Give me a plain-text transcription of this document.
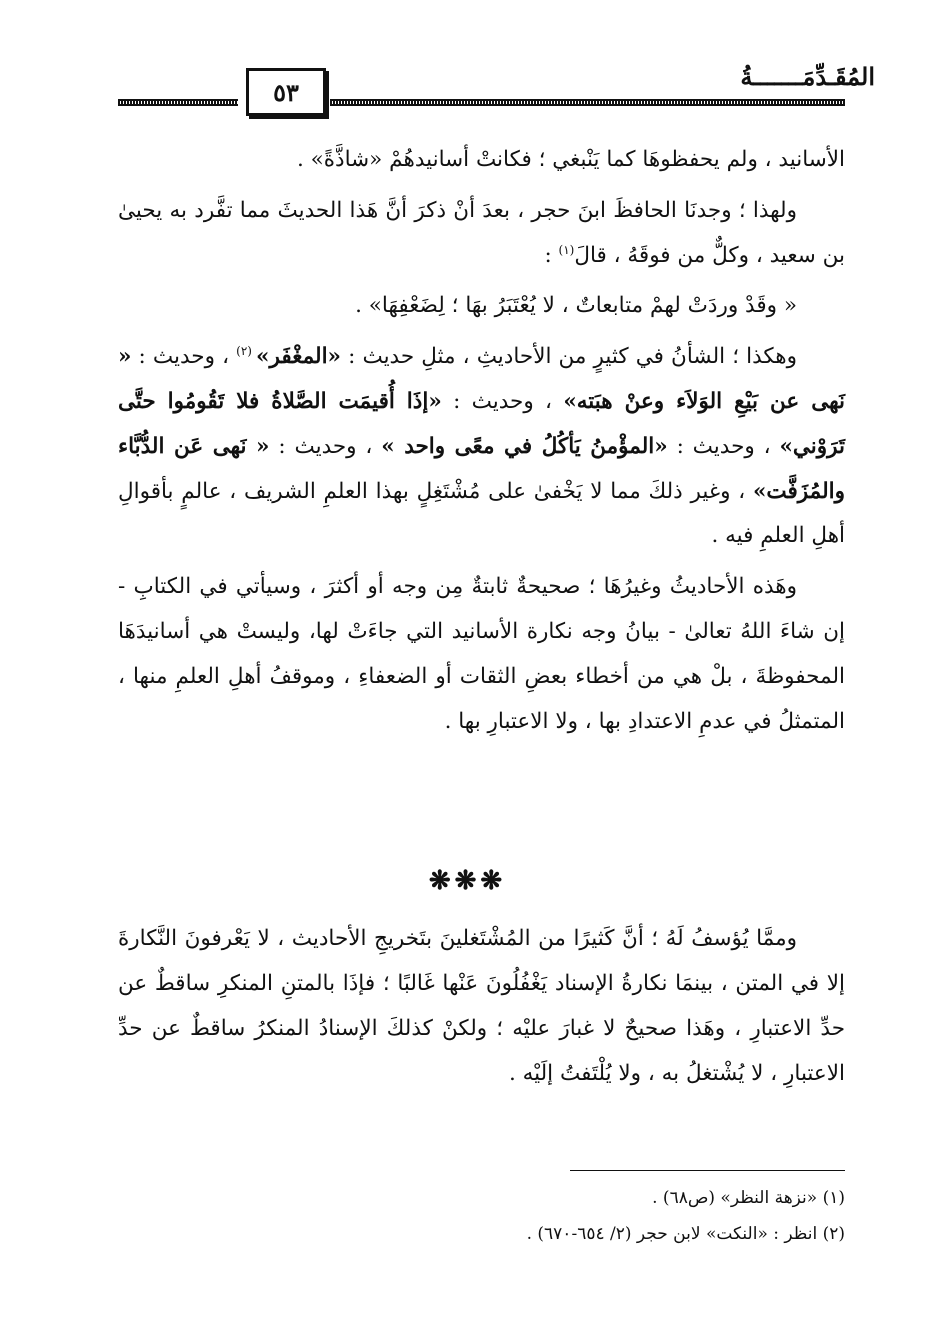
المُقَـدِّمَـــــــةُ
٥٣

الأسانيد ، ولم يحفظوهَا كما يَنْبغي ؛ فكانتْ أسانيدهُمْ «شاذَّةً» .

ولهذا ؛ وجدنَا الحافظَ ابنَ حجر ، بعدَ أنْ ذكرَ أنَّ هَذا الحديثَ مما تفَّرد به يحيىٰ بن سعيد ، وكلٌّ من فوقَهُ ، قالَ$^{(١)}$ :

« وقَدْ وردَتْ لهمْ متابعاتٌ ، لا يُعْتَبَرُ بهَا ؛ لِضَعْفِهَا» .

وهكذا ؛ الشأنُ في كثيرٍ من الأحاديثِ ، مثلِ حديث : «المغْفَر» $^{(٢)}$ ، وحديث : « نَهى عن بَيْعِ الوَلاَء وعنْ هبَته» ، وحديث : «إذَا أُقيمَت الصَّلاةُ فلا تَقُومُوا حتَّى تَرَوْني» ، وحديث : «المؤْمنُ يَأكُلُ في معًى واحد » ، وحديث : « نَهى عَن الدُّبَّاء والمُزَفَّت» ، وغير ذلكَ مما لا يَخْفىٰ على مُشْتَغِلٍ بهذا العلمِ الشريف ، عالمٍ بأقوالِ أهلِ العلمِ فيه .

وهَذه الأحاديثُ وغيرُهَا ؛ صحيحةٌ ثابتةٌ مِن وجه أو أكثرَ ، وسيأتي في الكتابِ - إن شاءَ اللهُ تعالىٰ - بيانُ وجه نكارة الأسانيد التي جاءَتْ لها، وليستْ هي أسانيدَهَا المحفوظةَ ، بلْ هي من أخطاء بعضِ الثقات أو الضعفاءِ ، وموقفُ أهلِ العلمِ منها ، المتمثلُ في عدمِ الاعتدادِ بها ، ولا الاعتبارِ بها .

❋❋❋

وممَّا يُؤسفُ لَهُ ؛ أنَّ كَثيرًا من المُشْتَغلينَ بتَخريجِ الأحاديث ، لا يَعْرفونَ النَّكارةَ إلا في المتن ، بينمَا نكارةُ الإسناد يَغْفُلُونَ عَنْها غَالبًا ؛ فإذَا بالمتنِ المنكرِ ساقطٌ عن حدِّ الاعتبارِ ، وهَذا صحيحٌ لا غبارَ عليْه ؛ ولكنْ كذلكَ الإسنادُ المنكرُ ساقطٌ عن حدِّ الاعتبارِ ، لا يُشْتغلُ به ، ولا يُلْتَفتُ إلَيْه .

(١) «نزهة النظر» (ص٦٨) .
(٢) انظر : «النكت» لابن حجر (٢/ ٦٥٤-٦٧٠) .
